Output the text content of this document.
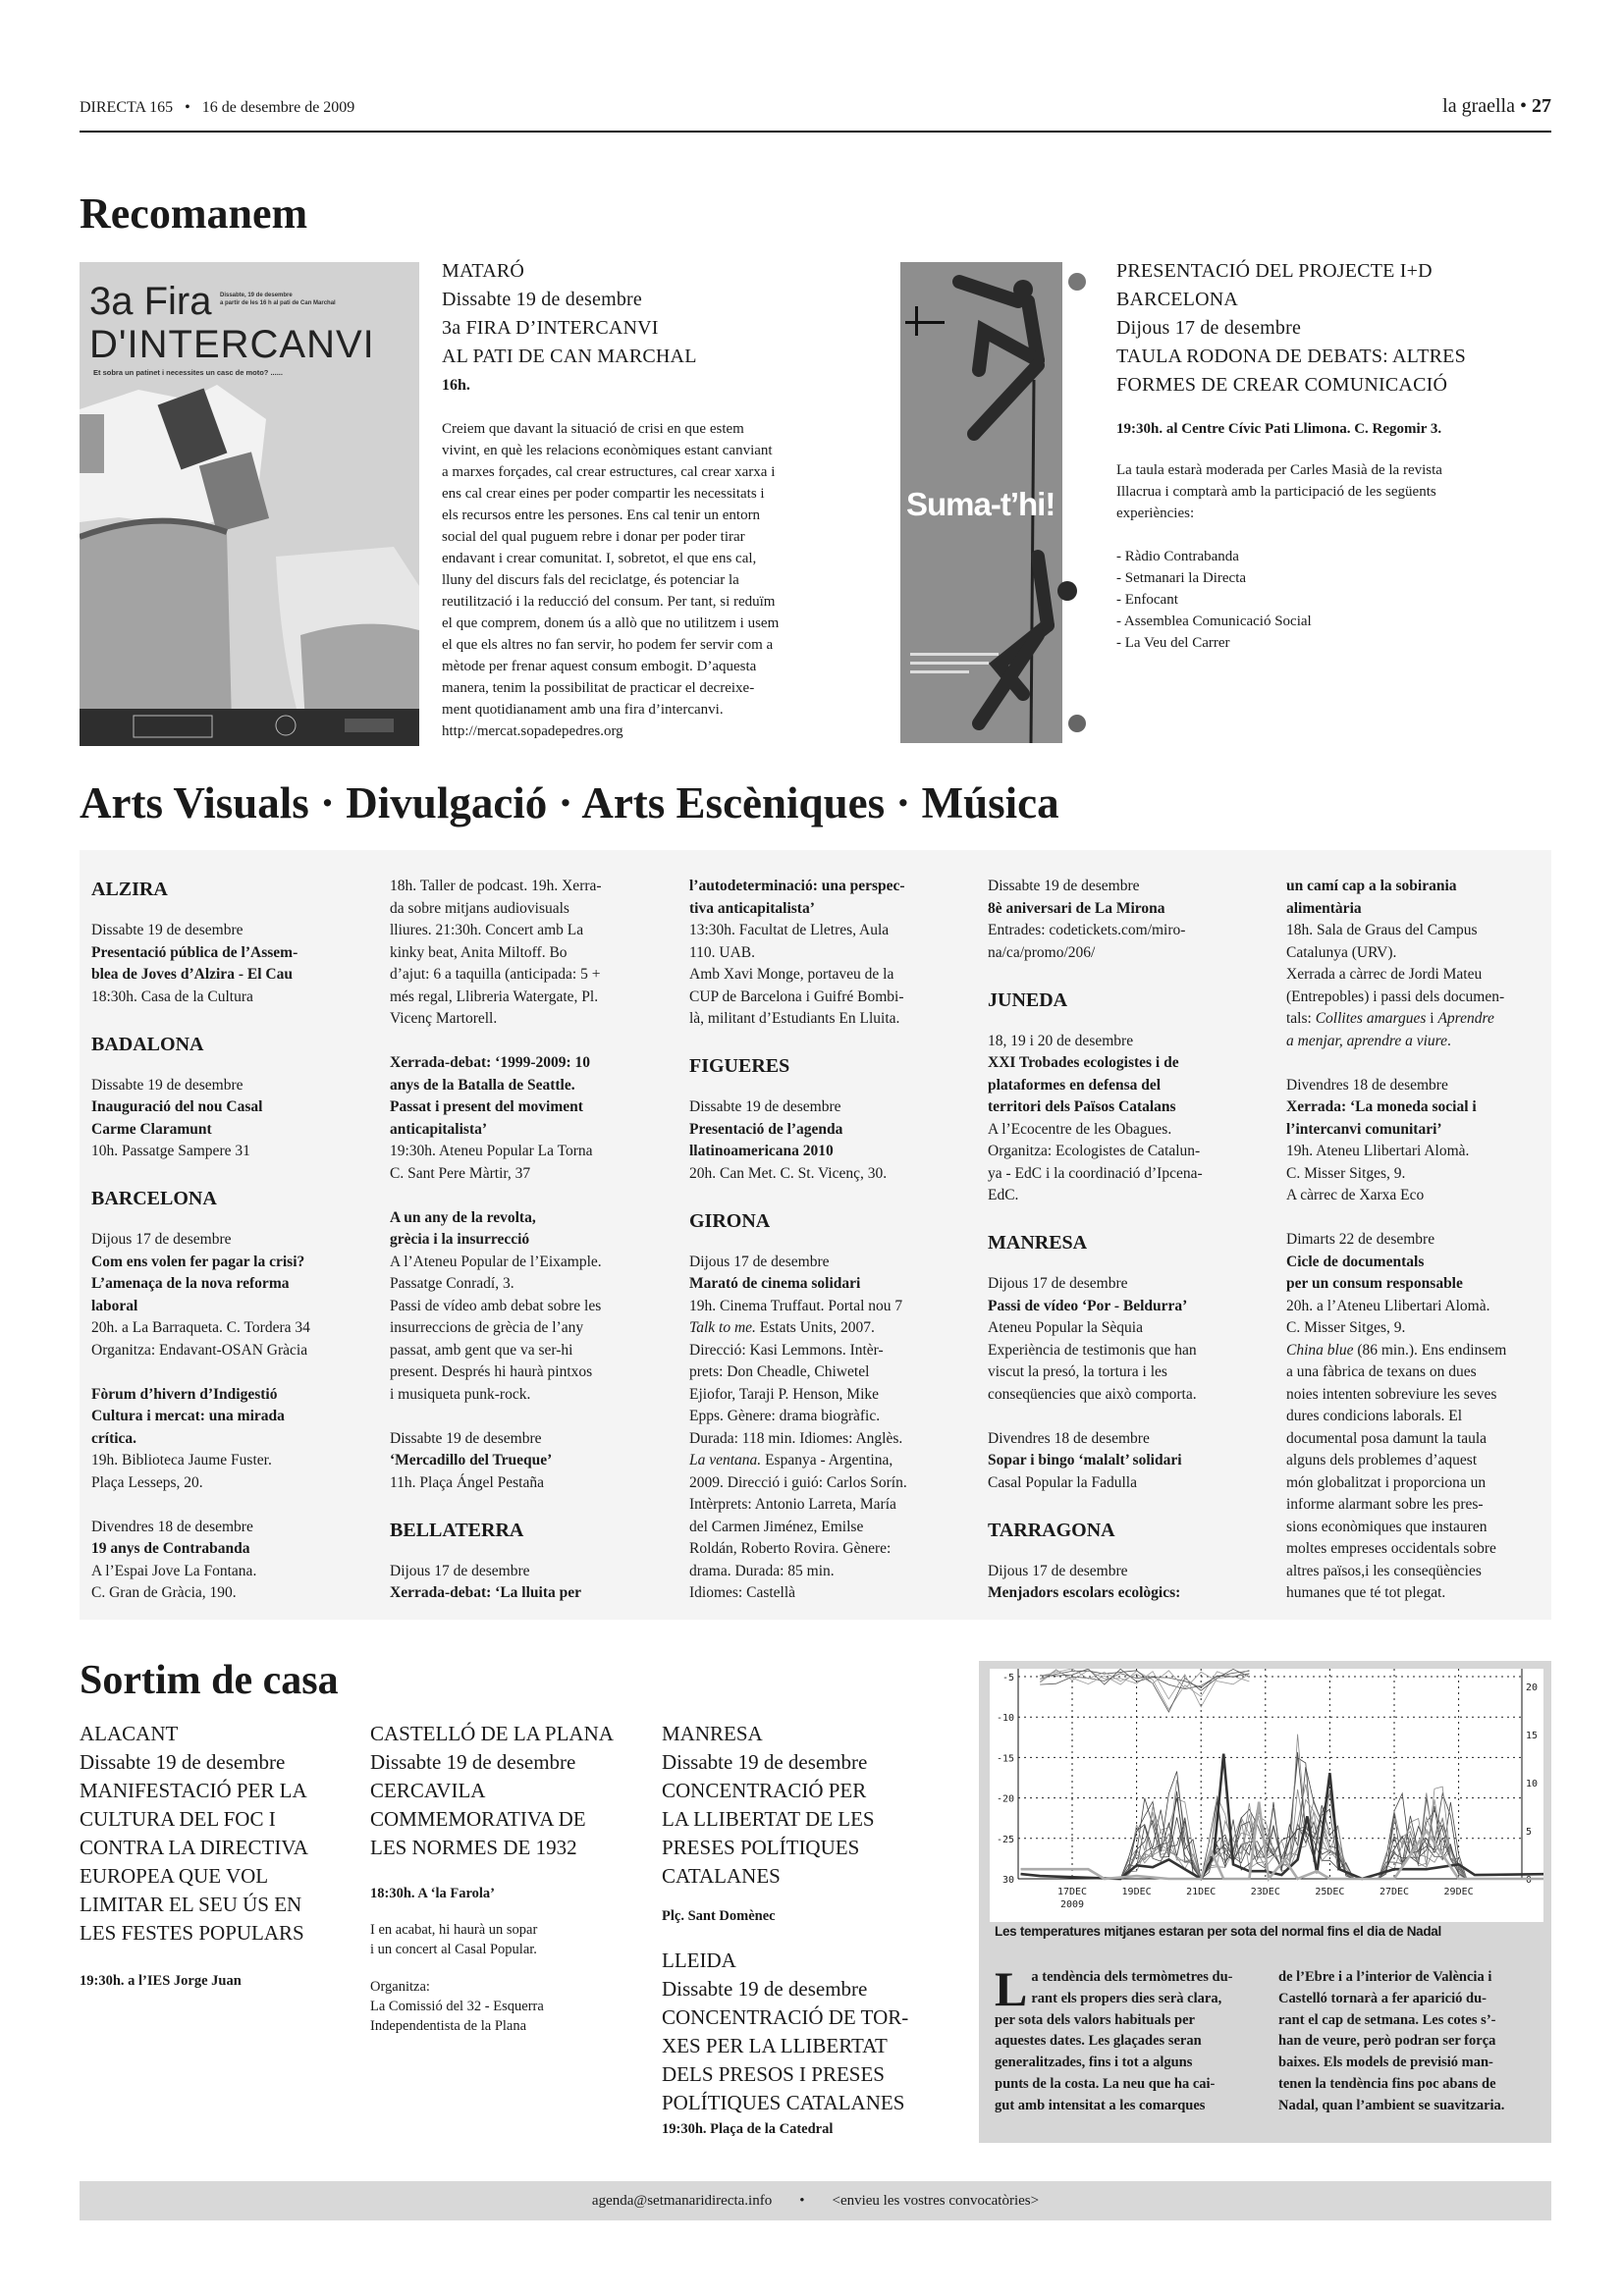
DIRECTA 165 • 16 de desembre de 2009	la graella • 27
Recomanem
3a Fira Dissabte, 19 de desembre
a partir de les 16 h al pati de Can Marchal
D'INTERCANVI
Et sobra un patinet i necessites un casc de moto? ......
MATARÓ
Dissabte 19 de desembre
3a FIRA D’INTERCANVI
AL PATI DE CAN MARCHAL
16h.
Creiem que davant la situació de crisi en que estem
vivint, en què les relacions econòmiques estant canviant
a marxes forçades, cal crear estructures, cal crear xarxa i
ens cal crear eines per poder compartir les necessitats i
els recursos entre les persones. Ens cal tenir un entorn
social del qual puguem rebre i donar per poder tirar
endavant i crear comunitat. I, sobretot, el que ens cal,
lluny del discurs fals del reciclatge, és potenciar la
reutilització i la reducció del consum. Per tant, si reduïm
el que comprem, donem ús a allò que no utilitzem i usem
el que els altres no fan servir, ho podem fer servir com a
mètode per frenar aquest consum embogit. D’aquesta
manera, tenim la possibilitat de practicar el decreixe-
ment quotidianament amb una fira d’intercanvi.
http://mercat.sopadepedres.org
Suma-t’hi!
PRESENTACIÓ DEL PROJECTE I+D
BARCELONA
Dijous 17 de desembre
TAULA RODONA DE DEBATS: ALTRES
FORMES DE CREAR COMUNICACIÓ
19:30h. al Centre Cívic Pati Llimona. C. Regomir 3.
La taula estarà moderada per Carles Masià de la revista
Illacrua i comptarà amb la participació de les següents
experiències:
- Ràdio Contrabanda
- Setmanari la Directa
- Enfocant
- Assemblea Comunicació Social
- La Veu del Carrer
Arts Visuals · Divulgació · Arts Escèniques · Música
ALZIRA
Dissabte 19 de desembre
Presentació pública de l’Assem-
blea de Joves d’Alzira - El Cau
18:30h. Casa de la Cultura
BADALONA
Dissabte 19 de desembre
Inauguració del nou Casal
Carme Claramunt
10h. Passatge Sampere 31
BARCELONA
Dijous 17 de desembre
Com ens volen fer pagar la crisi?
L’amenaça de la nova reforma
laboral
20h. a La Barraqueta. C. Tordera 34
Organitza: Endavant-OSAN Gràcia
Fòrum d’hivern d’Indigestió
Cultura i mercat: una mirada
crítica.
19h. Biblioteca Jaume Fuster.
Plaça Lesseps, 20.
Divendres 18 de desembre
19 anys de Contrabanda
A l’Espai Jove La Fontana.
C. Gran de Gràcia, 190.
18h. Taller de podcast. 19h. Xerra-
da sobre mitjans audiovisuals
lliures. 21:30h. Concert amb La
kinky beat, Anita Miltoff. Bo
d’ajut: 6 a taquilla (anticipada: 5 +
més regal, Llibreria Watergate, Pl.
Vicenç Martorell.
Xerrada-debat: ‘1999-2009: 10
anys de la Batalla de Seattle.
Passat i present del moviment
anticapitalista’
19:30h. Ateneu Popular La Torna
C. Sant Pere Màrtir, 37
A un any de la revolta,
grècia i la insurrecció
A l’Ateneu Popular de l’Eixample.
Passatge Conradí, 3.
Passi de vídeo amb debat sobre les
insurreccions de grècia de l’any
passat, amb gent que va ser-hi
present. Després hi haurà pintxos
i musiqueta punk-rock.
Dissabte 19 de desembre
‘Mercadillo del Trueque’
11h. Plaça Ángel Pestaña
BELLATERRA
Dijous 17 de desembre
Xerrada-debat: ‘La lluita per
l’autodeterminació: una perspec-
tiva anticapitalista’
13:30h. Facultat de Lletres, Aula
110. UAB.
Amb Xavi Monge, portaveu de la
CUP de Barcelona i Guifré Bombi-
là, militant d’Estudiants En Lluita.
FIGUERES
Dissabte 19 de desembre
Presentació de l’agenda
llatinoamericana 2010
20h. Can Met. C. St. Vicenç, 30.
GIRONA
Dijous 17 de desembre
Marató de cinema solidari
19h. Cinema Truffaut. Portal nou 7
Talk to me. Estats Units, 2007.
Direcció: Kasi Lemmons. Intèr-
prets: Don Cheadle, Chiwetel
Ejiofor, Taraji P. Henson, Mike
Epps. Gènere: drama biogràfic.
Durada: 118 min. Idiomes: Anglès.
La ventana. Espanya - Argentina,
2009. Direcció i guió: Carlos Sorín.
Intèrprets: Antonio Larreta, María
del Carmen Jiménez, Emilse
Roldán, Roberto Rovira. Gènere:
drama. Durada: 85 min.
Idiomes: Castellà
Dissabte 19 de desembre
8è aniversari de La Mirona
Entrades: codetickets.com/miro-
na/ca/promo/206/
JUNEDA
18, 19 i 20 de desembre
XXI Trobades ecologistes i de
plataformes en defensa del
territori dels Països Catalans
A l’Ecocentre de les Obagues.
Organitza: Ecologistes de Catalun-
ya - EdC i la coordinació d’Ipcena-
EdC.
MANRESA
Dijous 17 de desembre
Passi de vídeo ‘Por - Beldurra’
Ateneu Popular la Sèquia
Experiència de testimonis que han
viscut la presó, la tortura i les
conseqüencies que això comporta.
Divendres 18 de desembre
Sopar i bingo ‘malalt’ solidari
Casal Popular la Fadulla
TARRAGONA
Dijous 17 de desembre
Menjadors escolars ecològics:
un camí cap a la sobirania
alimentària
18h. Sala de Graus del Campus
Catalunya (URV).
Xerrada a càrrec de Jordi Mateu
(Entrepobles) i passi dels documen-
tals: Collites amargues i Aprendre
a menjar, aprendre a viure.
Divendres 18 de desembre
Xerrada: ‘La moneda social i
l’intercanvi comunitari’
19h. Ateneu Llibertari Alomà.
C. Misser Sitges, 9.
A càrrec de Xarxa Eco
Dimarts 22 de desembre
Cicle de documentals
per un consum responsable
20h. a l’Ateneu Llibertari Alomà.
C. Misser Sitges, 9.
China blue (86 min.). Ens endinsem
a una fàbrica de texans on dues
noies intenten sobreviure les seves
dures condicions laborals. El
documental posa damunt la taula
alguns dels problemes d’aquest
món globalitzat i proporciona un
informe alarmant sobre les pres-
sions econòmiques que instauren
moltes empreses occidentals sobre
altres països,i les conseqüències
humanes que té tot plegat.
Sortim de casa
ALACANT
Dissabte 19 de desembre
MANIFESTACIÓ PER LA
CULTURA DEL FOC I
CONTRA LA DIRECTIVA
EUROPEA QUE VOL
LIMITAR EL SEU ÚS EN
LES FESTES POPULARS
19:30h. a l’IES Jorge Juan
CASTELLÓ DE LA PLANA
Dissabte 19 de desembre
CERCAVILA
COMMEMORATIVA DE
LES NORMES DE 1932
18:30h. A ‘la Farola’
I en acabat, hi haurà un sopar
i un concert al Casal Popular.
Organitza:
La Comissió del 32 - Esquerra
Independentista de la Plana
MANRESA
Dissabte 19 de desembre
CONCENTRACIÓ PER
LA LLIBERTAT DE LES
PRESES POLÍTIQUES
CATALANES
Plç. Sant Domènec
LLEIDA
Dissabte 19 de desembre
CONCENTRACIÓ DE TOR-
XES PER LA LLIBERTAT
DELS PRESOS I PRESES
POLÍTIQUES CATALANES
19:30h. Plaça de la Catedral
-5
-10
-15
-20
-25
30
20
15
10
5
0
17DEC	19DEC	21DEC	23DEC	25DEC	27DEC	29DEC
2009
Les temperatures mitjanes estaran per sota del normal fins el dia de Nadal
La tendència dels termòmetres du-
rant els propers dies serà clara,
per sota dels valors habituals per
aquestes dates. Les glaçades seran
generalitzades, fins i tot a alguns
punts de la costa. La neu que ha cai-
gut amb intensitat a les comarques
de l’Ebre i a l’interior de València i
Castelló tornarà a fer aparició du-
rant el cap de setmana. Les cotes s’-
han de veure, però podran ser força
baixes. Els models de previsió man-
tenen la tendència fins poc abans de
Nadal, quan l’ambient se suavitzaria.
agenda@setmanaridirecta.info • <envieu les vostres convocatòries>
